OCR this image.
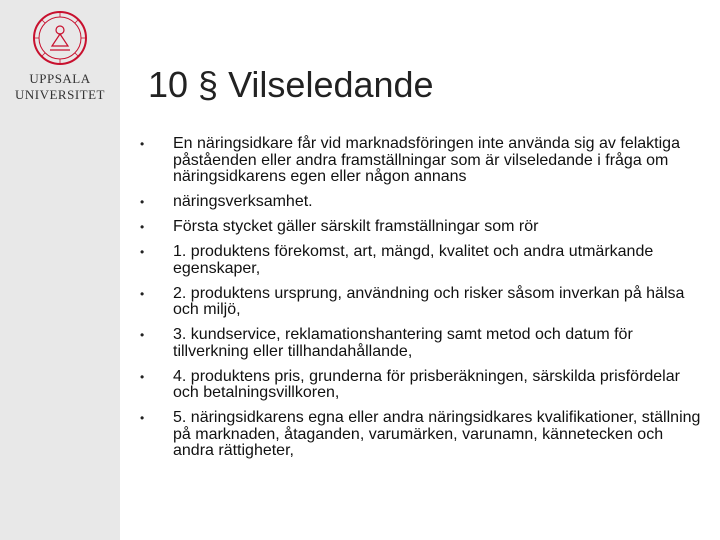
UPPSALA
UNIVERSITET	10 § Vilseledande
• En näringsidkare får vid marknadsföringen inte använda sig av felaktiga påståenden eller andra framställningar som är vilseledande i fråga om näringsidkarens egen eller någon annans
• näringsverksamhet.
• Första stycket gäller särskilt framställningar som rör
• 1. produktens förekomst, art, mängd, kvalitet och andra utmärkande egenskaper,
• 2. produktens ursprung, användning och risker såsom inverkan på hälsa och miljö,
• 3. kundservice, reklamationshantering samt metod och datum för tillverkning eller tillhandahållande,
• 4. produktens pris, grunderna för prisberäkningen, särskilda prisfördelar och betalningsvillkoren,
• 5. näringsidkarens egna eller andra näringsidkares kvalifikationer, ställning på marknaden, åtaganden, varumärken, varunamn, kännetecken och andra rättigheter,
